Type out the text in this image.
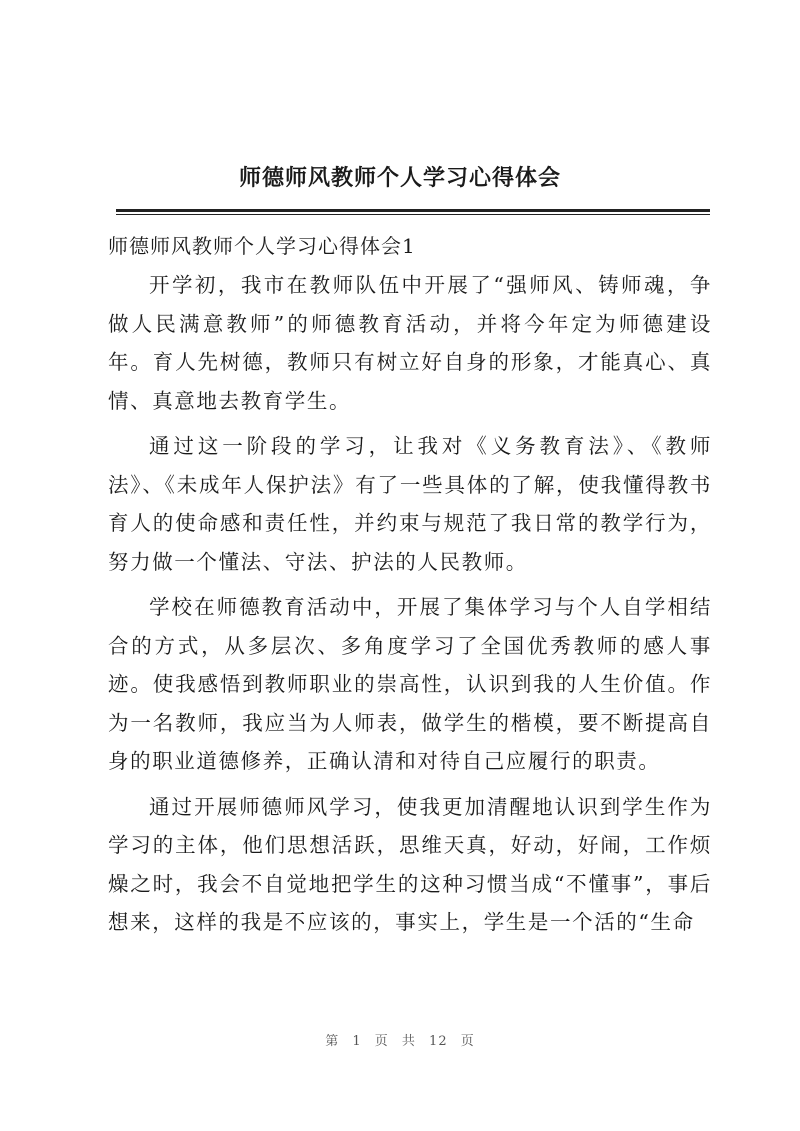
师德师风教师个人学习心得体会
师德师风教师个人学习心得体会1

开学初，我市在教师队伍中开展了“强师风、铸师魂，争做人民满意教师”的师德教育活动，并将今年定为师德建设年。育人先树德，教师只有树立好自身的形象，才能真心、真情、真意地去教育学生。

通过这一阶段的学习，让我对《义务教育法》、《教师法》、《未成年人保护法》有了一些具体的了解，使我懂得教书育人的使命感和责任性，并约束与规范了我日常的教学行为，努力做一个懂法、守法、护法的人民教师。

学校在师德教育活动中，开展了集体学习与个人自学相结合的方式，从多层次、多角度学习了全国优秀教师的感人事迹。使我感悟到教师职业的崇高性，认识到我的人生价值。作为一名教师，我应当为人师表，做学生的楷模，要不断提高自身的职业道德修养，正确认清和对待自己应履行的职责。

通过开展师德师风学习，使我更加清醒地认识到学生作为学习的主体，他们思想活跃，思维天真，好动，好闹，工作烦燥之时，我会不自觉地把学生的这种习惯当成“不懂事”，事后想来，这样的我是不应该的，事实上，学生是一个活的“生命

第 1 页 共 12 页
